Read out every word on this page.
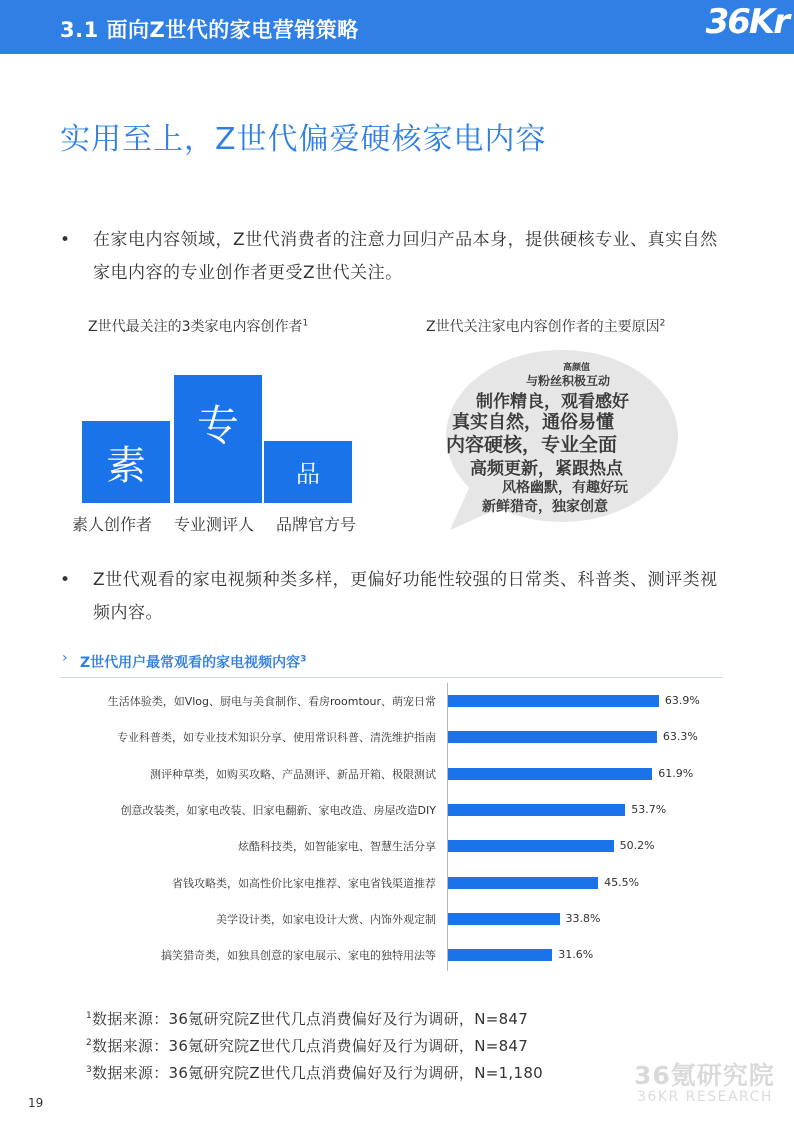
3.1 面向Z世代的家电营销策略	36Kr
实用至上，Z世代偏爱硬核家电内容
•	在家电内容领域，Z世代消费者的注意力回归产品本身，提供硬核专业、真实自然家电内容的专业创作者更受Z世代关注。
Z世代最关注的3类家电内容创作者$^1$	Z世代关注家电内容创作者的主要原因$^2$
素
专
品
素人创作者 专业测评人 品牌官方号
高颜值
与粉丝积极互动
制作精良，观看感好
真实自然，通俗易懂
内容硬核，专业全面
高频更新，紧跟热点
风格幽默，有趣好玩
新鲜猎奇，独家创意
•	Z世代观看的家电视频种类多样，更偏好功能性较强的日常类、科普类、测评类视频内容。
› Z世代用户最常观看的家电视频内容$^3$
生活体验类，如Vlog、厨电与美食制作、看房roomtour、萌宠日常	63.9%
专业科普类，如专业技术知识分享、使用常识科普、清洗维护指南	63.3%
测评种草类，如购买攻略、产品测评、新品开箱、极限测试	61.9%
创意改装类，如家电改装、旧家电翻新、家电改造、房屋改造DIY	53.7%
炫酷科技类，如智能家电、智慧生活分享	50.2%
省钱攻略类，如高性价比家电推荐、家电省钱渠道推荐	45.5%
美学设计类，如家电设计大赏、内饰外观定制	33.8%
搞笑猎奇类，如独具创意的家电展示、家电的独特用法等	31.6%
$^1$数据来源：36氪研究院Z世代几点消费偏好及行为调研，N=847
$^2$数据来源：36氪研究院Z世代几点消费偏好及行为调研，N=847
$^3$数据来源：36氪研究院Z世代几点消费偏好及行为调研，N=1,180	36氪研究院
36KR RESEARCH
19
